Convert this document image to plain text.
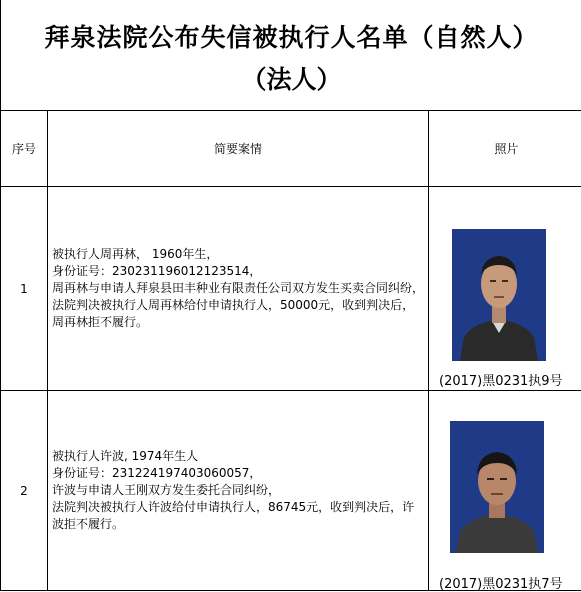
拜泉法院公布失信被执行人名单（自然人）
（法人）
序号	简要案情	照片
1	被执行人周再林， 1960年生，
身份证号：230231196012123514，
周再林与申请人拜泉县田丰种业有限责任公司双方发生买卖合同纠纷，
法院判决被执行人周再林给付申请执行人，50000元，收到判决后，周再林拒不履行。	(2017)黑0231执9号

2	被执行人许波, 1974年生人
身份证号：231224197403060057，
许波与申请人王刚双方发生委托合同纠纷，
法院判决被执行人许波给付申请执行人，86745元，收到判决后，许波拒不履行。	(2017)黑0231执7号
